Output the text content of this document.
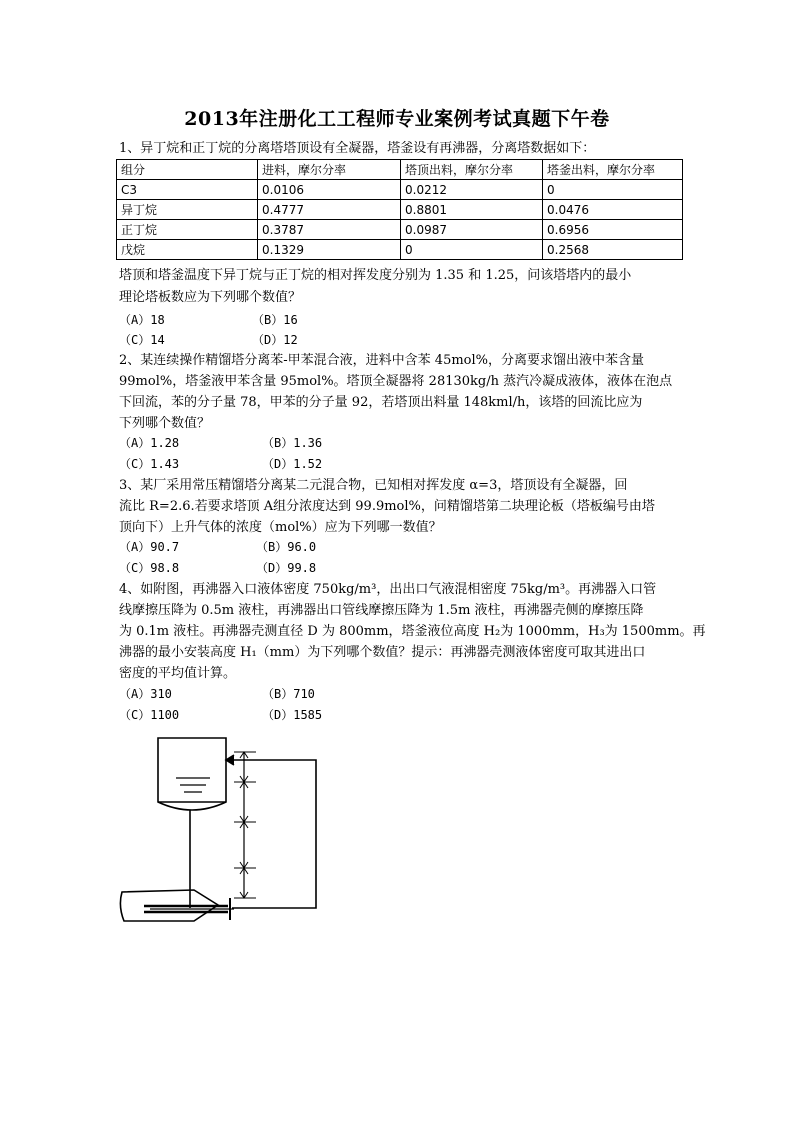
2013年注册化工工程师专业案例考试真题下午卷
1、异丁烷和正丁烷的分离塔塔顶设有全凝器，塔釜设有再沸器，分离塔数据如下：
组分	进料，摩尔分率	塔顶出料，摩尔分率	塔釜出料，摩尔分率
C3	0.0106	0.0212	0
异丁烷	0.4777	0.8801	0.0476
正丁烷	0.3787	0.0987	0.6956
戊烷	0.1329	0	0.2568
塔顶和塔釜温度下异丁烷与正丁烷的相对挥发度分别为 1.35 和 1.25，问该塔塔内的最小
理论塔板数应为下列哪个数值？
（A）18	（B）16
（C）14	（D）12
2、某连续操作精馏塔分离苯-甲苯混合液，进料中含苯 45mol%，分离要求馏出液中苯含量
99mol%，塔釜液甲苯含量 95mol%。塔顶全凝器将 28130kg/h 蒸汽冷凝成液体，液体在泡点
下回流，苯的分子量 78，甲苯的分子量 92，若塔顶出料量 148kml/h，该塔的回流比应为
下列哪个数值？
（A）1.28	（B）1.36
（C）1.43	（D）1.52
3、某厂采用常压精馏塔分离某二元混合物，已知相对挥发度 α=3，塔顶设有全凝器，回
流比 R=2.6.若要求塔顶 A组分浓度达到 99.9mol%，问精馏塔第二块理论板（塔板编号由塔
顶向下）上升气体的浓度（mol%）应为下列哪一数值？
（A）90.7	（B）96.0
（C）98.8	（D）99.8
4、如附图，再沸器入口液体密度 750kg/m³，出出口气液混相密度 75kg/m³。再沸器入口管
线摩擦压降为 0.5m 液柱，再沸器出口管线摩擦压降为 1.5m 液柱，再沸器壳侧的摩擦压降
为 0.1m 液柱。再沸器壳测直径 D 为 800mm，塔釜液位高度 H₂为 1000mm，H₃为 1500mm。再
沸器的最小安装高度 H₁（mm）为下列哪个数值？提示：再沸器壳测液体密度可取其进出口
密度的平均值计算。
（A）310	（B）710
（C）1100	（D）1585
